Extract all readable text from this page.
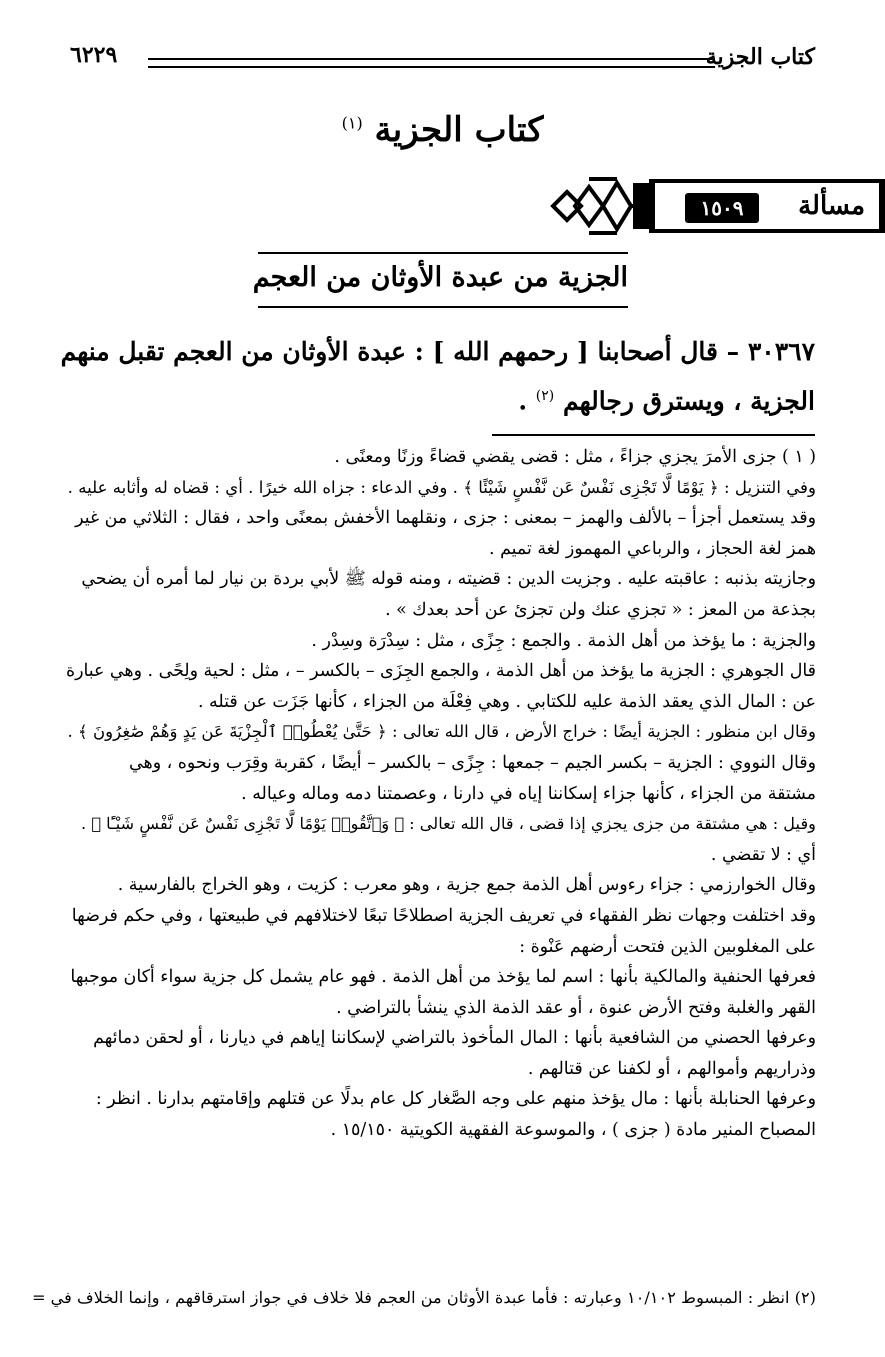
كتاب الجزية
٦٢٢٩
كتاب الجزية $^{(١)}$
مسألة
١٥٠٩
الجزية من عبدة الأوثان من العجم
٣٠٣٦٧ – قال أصحابنا [ رحمهم الله ] : عبدة الأوثان من العجم تقبل منهم
الجزية ، ويسترق رجالهم $^{(٢)}$ .
( ١ ) جزى الأمرَ يجزي جزاءً ، مثل : قضى يقضي قضاءً وزنًا ومعنًى .
وفي التنزيل : ﴿ يَوْمًا لَّا تَجْزِى نَفْسٌ عَن نَّفْسٍ شَيْئًا ﴾ . وفي الدعاء : جزاه الله خيرًا . أي : قضاه له وأثابه عليه .
وقد يستعمل أجزأ – بالألف والهمز – بمعنى : جزى ، ونقلهما الأخفش بمعنًى واحد ، فقال : الثلاثي من غير
همز لغة الحجاز ، والرباعي المهموز لغة تميم .
وجازيته بذنبه : عاقبته عليه . وجزيت الدين : قضيته ، ومنه قوله ﷺ لأبي بردة بن نيار لما أمره أن يضحي
بجذعة من المعز : « تجزي عنك ولن تجزئ عن أحد بعدك » .
والجزية : ما يؤخذ من أهل الذمة . والجمع : جِزًى ، مثل : سِدْرَة وسِدْر .
قال الجوهري : الجزية ما يؤخذ من أهل الذمة ، والجمع الجِزَى – بالكسر – ، مثل : لحية ولِحًى . وهي عبارة
عن : المال الذي يعقد الذمة عليه للكتابي . وهي فِعْلَة من الجزاء ، كأنها جَزَت عن قتله .
وقال ابن منظور : الجزية أيضًا : خراج الأرض ، قال الله تعالى : ﴿ حَتَّىٰ يُعْطُوا۟ ٱلْجِزْيَةَ عَن يَدٍ وَهُمْ صَٰغِرُونَ ﴾ .
وقال النووي : الجزية – بكسر الجيم – جمعها : جِزًى – بالكسر – أيضًا ، كقربة وقِرَب ونحوه ، وهي
مشتقة من الجزاء ، كأنها جزاء إسكاننا إياه في دارنا ، وعصمتنا دمه وماله وعياله .
وقيل : هي مشتقة من جزى يجزي إذا قضى ، قال الله تعالى : ﴿ وَٱتَّقُوا۟ يَوْمًا لَّا تَجْزِى نَفْسٌ عَن نَّفْسٍ شَيْـًٔا ﴾ .
أي : لا تقضي .
وقال الخوارزمي : جزاء رءوس أهل الذمة جمع جزية ، وهو معرب : كزيت ، وهو الخراج بالفارسية .
وقد اختلفت وجهات نظر الفقهاء في تعريف الجزية اصطلاحًا تبعًا لاختلافهم في طبيعتها ، وفي حكم فرضها
على المغلوبين الذين فتحت أرضهم عَنْوة :
فعرفها الحنفية والمالكية بأنها : اسم لما يؤخذ من أهل الذمة . فهو عام يشمل كل جزية سواء أكان موجبها
القهر والغلبة وفتح الأرض عنوة ، أو عقد الذمة الذي ينشأ بالتراضي .
وعرفها الحصني من الشافعية بأنها : المال المأخوذ بالتراضي لإسكاننا إياهم في ديارنا ، أو لحقن دمائهم
وذراريهم وأموالهم ، أو لكفنا عن قتالهم .
وعرفها الحنابلة بأنها : مال يؤخذ منهم على وجه الصَّغار كل عام بدلًا عن قتلهم وإقامتهم بدارنا . انظر :
المصباح المنير مادة ( جزى ) ، والموسوعة الفقهية الكويتية ١٥/١٥٠ .
(٢) انظر : المبسوط ١٠/١٠٢ وعبارته : فأما عبدة الأوثان من العجم فلا خلاف في جواز استرقاقهم ، وإنما الخلاف في =
